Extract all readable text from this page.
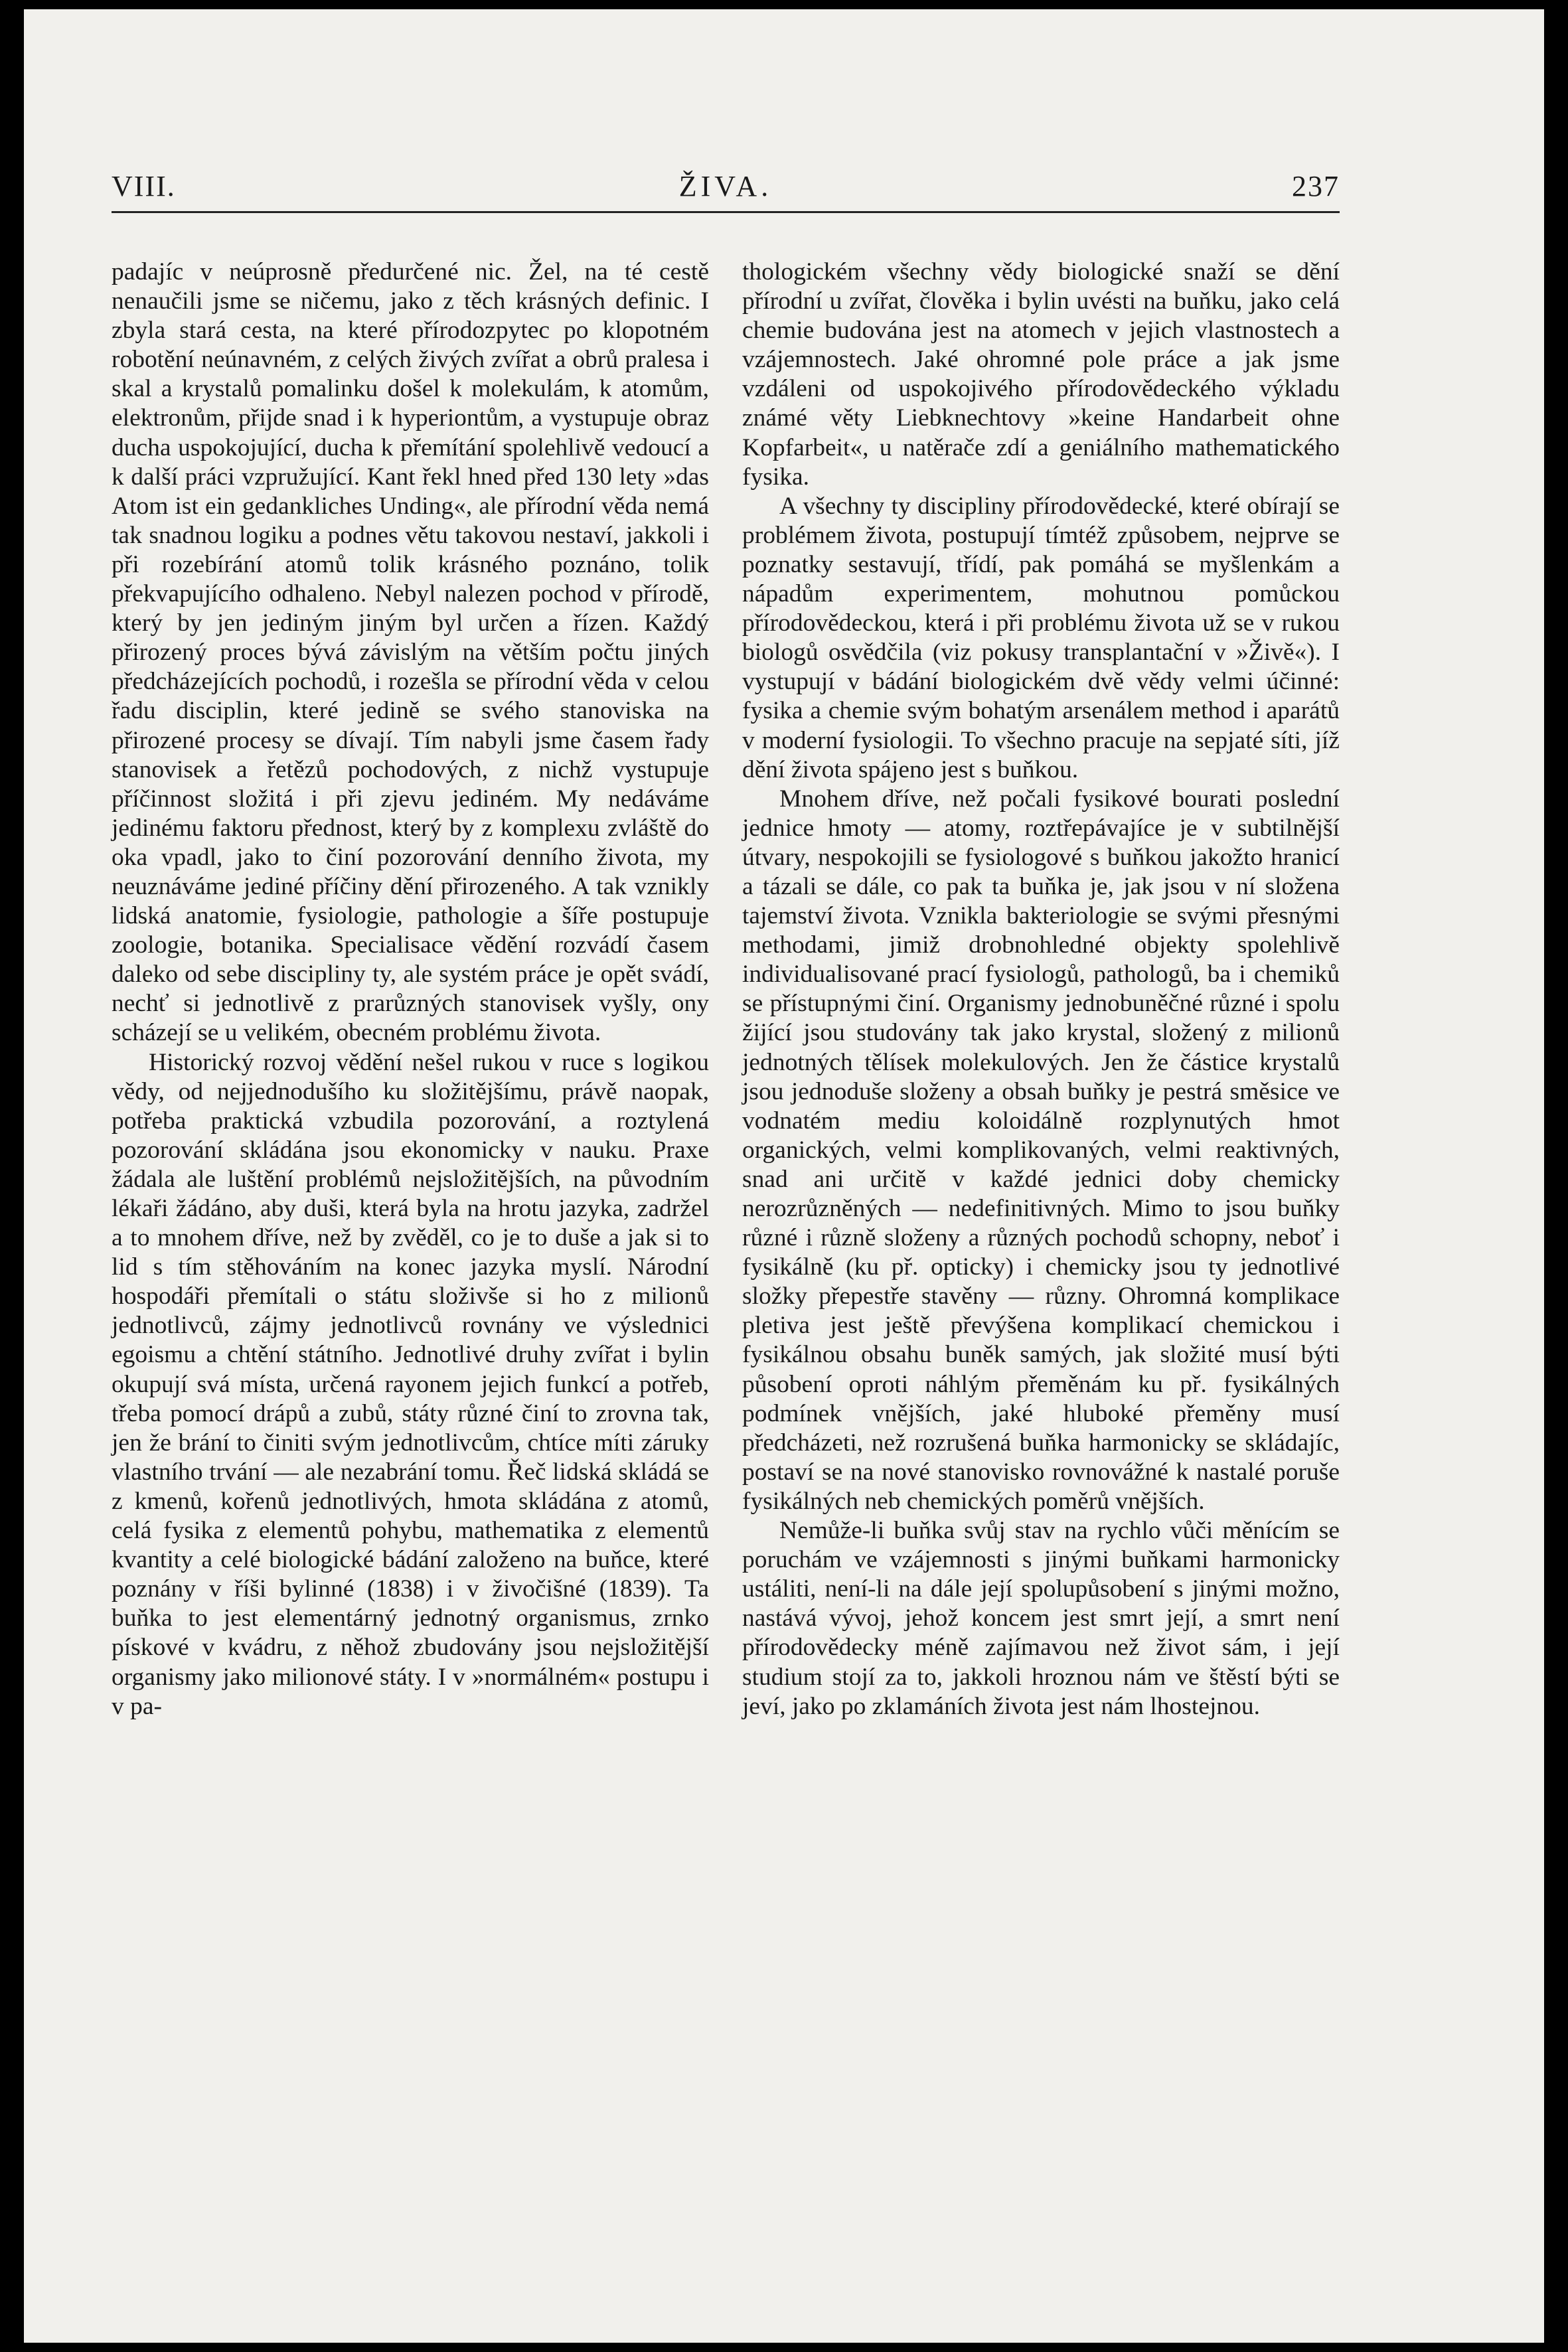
VIII.	ŽIVA.	237

padajíc v neúprosně předurčené nic. Žel, na té cestě nenaučili jsme se ničemu, jako z těch krásných definic. I zbyla stará cesta, na které přírodozpytec po klopotném robotění neúnavném, z celých živých zvířat a obrů pralesa i skal a krystalů pomalinku došel k molekulám, k atomům, elektronům, přijde snad i k hyperiontům, a vystupuje obraz ducha uspokojující, ducha k přemítání spolehlivě vedoucí a k další práci vzpružující. Kant řekl hned před 130 lety »das Atom ist ein gedankliches Unding«, ale přírodní věda nemá tak snadnou logiku a podnes větu takovou nestaví, jakkoli i při rozebírání atomů tolik krásného poznáno, tolik překvapujícího odhaleno. Nebyl nalezen pochod v přírodě, který by jen jediným jiným byl určen a řízen. Každý přirozený proces bývá závislým na větším počtu jiných předcházejících pochodů, i rozešla se přírodní věda v celou řadu disciplin, které jedině se svého stanoviska na přirozené procesy se dívají. Tím nabyli jsme časem řady stanovisek a řetězů pochodových, z nichž vystupuje příčinnost složitá i při zjevu jediném. My nedáváme jedinému faktoru přednost, který by z komplexu zvláště do oka vpadl, jako to činí pozorování denního života, my neuznáváme jediné příčiny dění přirozeného. A tak vznikly lidská anatomie, fysiologie, pathologie a šíře postupuje zoologie, botanika. Specialisace vědění rozvádí časem daleko od sebe discipliny ty, ale systém práce je opět svádí, nechť si jednotlivě z prarůzných stanovisek vyšly, ony scházejí se u velikém, obecném problému života.

Historický rozvoj vědění nešel rukou v ruce s logikou vědy, od nejjednodušího ku složitějšímu, právě naopak, potřeba praktická vzbudila pozorování, a roztylená pozorování skládána jsou ekonomicky v nauku. Praxe žádala ale luštění problémů nejsložitějších, na původním lékaři žádáno, aby duši, která byla na hrotu jazyka, zadržel a to mnohem dříve, než by zvěděl, co je to duše a jak si to lid s tím stěhováním na konec jazyka myslí. Národní hospodáři přemítali o státu složivše si ho z milionů jednotlivců, zájmy jednotlivců rovnány ve výslednici egoismu a chtění státního. Jednotlivé druhy zvířat i bylin okupují svá místa, určená rayonem jejich funkcí a potřeb, třeba pomocí drápů a zubů, státy různé činí to zrovna tak, jen že brání to činiti svým jednotlivcům, chtíce míti záruky vlastního trvání — ale nezabrání tomu. Řeč lidská skládá se z kmenů, kořenů jednotlivých, hmota skládána z atomů, celá fysika z elementů pohybu, mathematika z elementů kvantity a celé biologické bádání založeno na buňce, které poznány v říši bylinné (1838) i v živočišné (1839). Ta buňka to jest elementárný jednotný organismus, zrnko pískové v kvádru, z něhož zbudovány jsou nejsložitější organismy jako milionové státy. I v »normálném« postupu i v pa-

thologickém všechny vědy biologické snaží se dění přírodní u zvířat, člověka i bylin uvésti na buňku, jako celá chemie budována jest na atomech v jejich vlastnostech a vzájemnostech. Jaké ohromné pole práce a jak jsme vzdáleni od uspokojivého přírodovědeckého výkladu známé věty Liebknechtovy »keine Handarbeit ohne Kopfarbeit«, u natěrače zdí a geniálního mathematického fysika.

A všechny ty discipliny přírodovědecké, které obírají se problémem života, postupují tímtéž způsobem, nejprve se poznatky sestavují, třídí, pak pomáhá se myšlenkám a nápadům experimentem, mohutnou pomůckou přírodovědeckou, která i při problému života už se v rukou biologů osvědčila (viz pokusy transplantační v »Živě«). I vystupují v bádání biologickém dvě vědy velmi účinné: fysika a chemie svým bohatým arsenálem method i aparátů v moderní fysiologii. To všechno pracuje na sepjaté síti, jíž dění života spájeno jest s buňkou.

Mnohem dříve, než počali fysikové bourati poslední jednice hmoty — atomy, roztřepávajíce je v subtilnější útvary, nespokojili se fysiologové s buňkou jakožto hranicí a tázali se dále, co pak ta buňka je, jak jsou v ní složena tajemství života. Vznikla bakteriologie se svými přesnými methodami, jimiž drobnohledné objekty spolehlivě individualisované prací fysiologů, pathologů, ba i chemiků se přístupnými činí. Organismy jednobuněčné různé i spolu žijící jsou studovány tak jako krystal, složený z milionů jednotných tělísek molekulových. Jen že částice krystalů jsou jednoduše složeny a obsah buňky je pestrá směsice ve vodnatém mediu koloidálně rozplynutých hmot organických, velmi komplikovaných, velmi reaktivných, snad ani určitě v každé jednici doby chemicky nerozrůzněných — nedefinitivných. Mimo to jsou buňky různé i různě složeny a různých pochodů schopny, neboť i fysikálně (ku př. opticky) i chemicky jsou ty jednotlivé složky přepestře stavěny — různy. Ohromná komplikace pletiva jest ještě převýšena komplikací chemickou i fysikálnou obsahu buněk samých, jak složité musí býti působení oproti náhlým přeměnám ku př. fysikálných podmínek vnějších, jaké hluboké přeměny musí předcházeti, než rozrušená buňka harmonicky se skládajíc, postaví se na nové stanovisko rovnovážné k nastalé poruše fysikálných neb chemických poměrů vnějších.

Nemůže-li buňka svůj stav na rychlo vůči měnícím se poruchám ve vzájemnosti s jinými buňkami harmonicky ustáliti, není-li na dále její spolupůsobení s jinými možno, nastává vývoj, jehož koncem jest smrt její, a smrt není přírodovědecky méně zajímavou než život sám, i její studium stojí za to, jakkoli hroznou nám ve štěstí býti se jeví, jako po zklamáních života jest nám lhostejnou.
